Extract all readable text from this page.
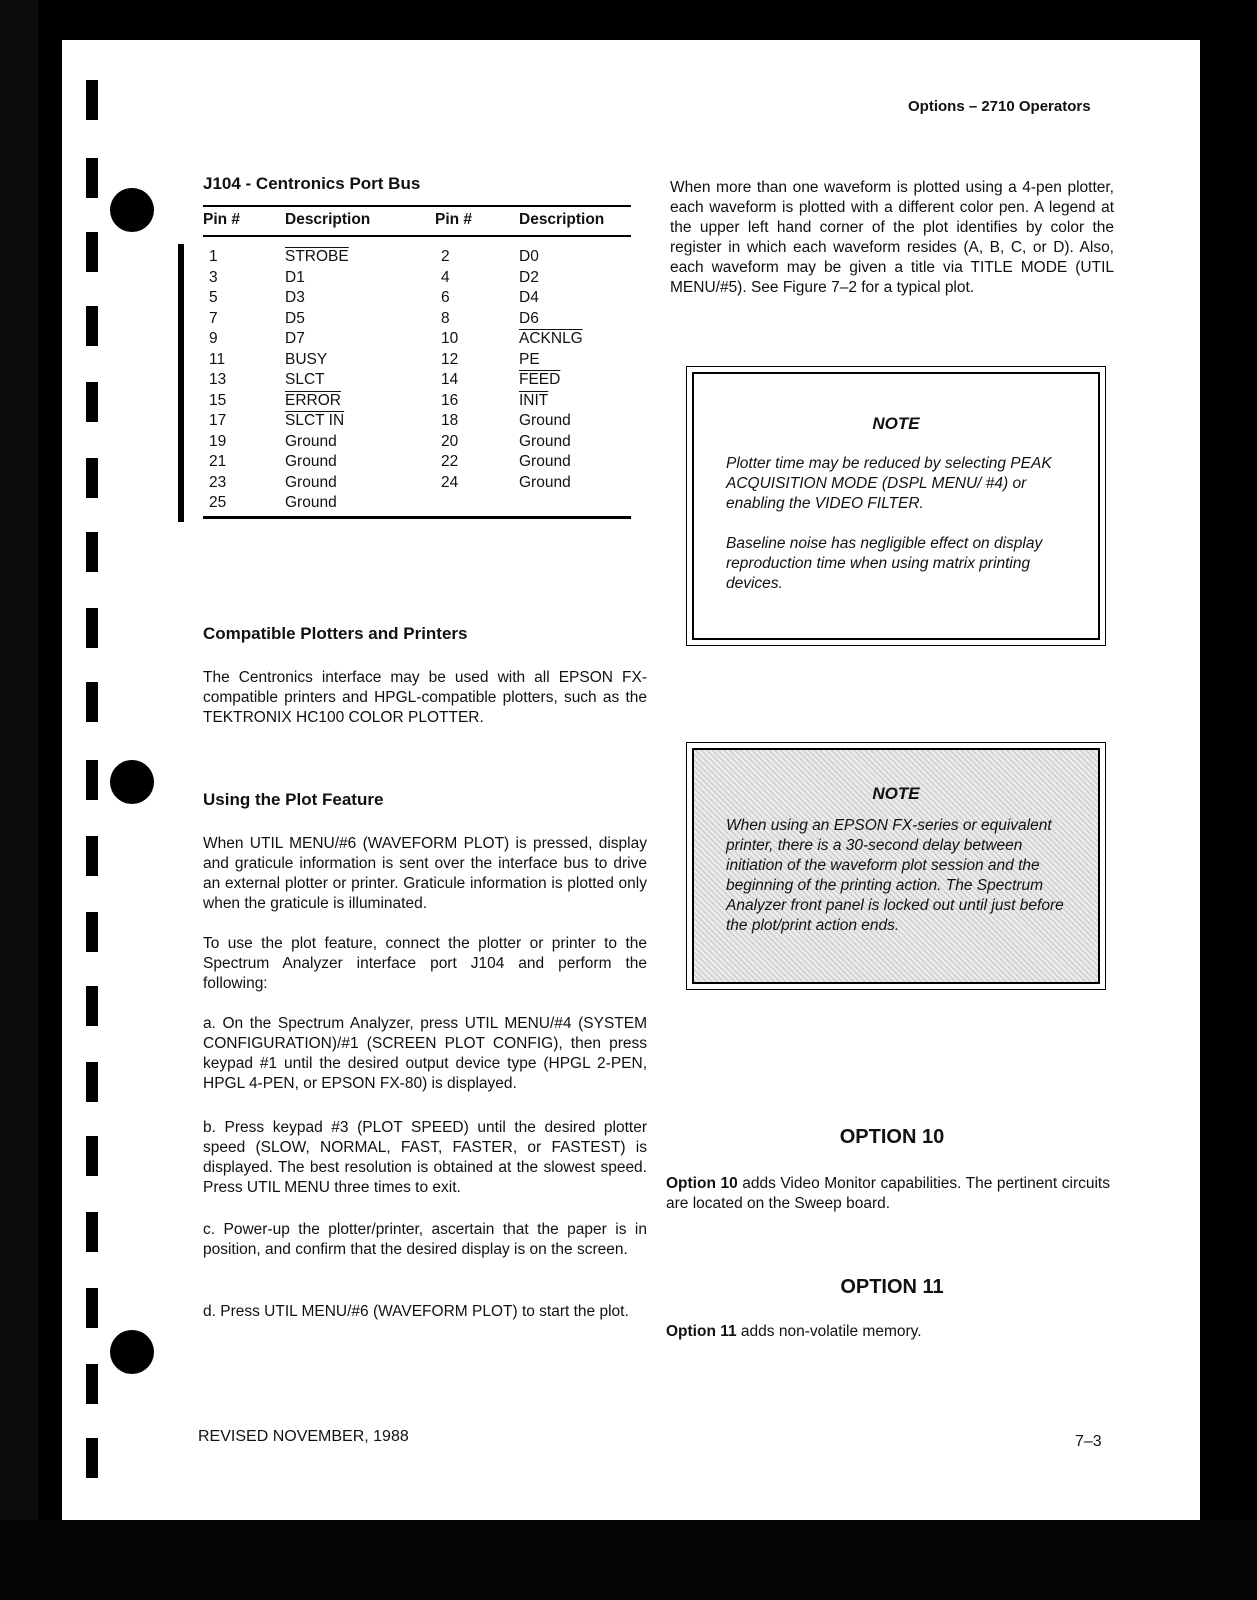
Options – 2710 Operators
J104 - Centronics Port Bus
Pin #	Description	Pin #	Description
1	STROBE	2	D0
3	D1	4	D2
5	D3	6	D4
7	D5	8	D6
9	D7	10	ACKNLG
11	BUSY	12	PE
13	SLCT	14	FEED
15	ERROR	16	INIT
17	SLCT IN	18	Ground
19	Ground	20	Ground
21	Ground	22	Ground
23	Ground	24	Ground
25	Ground
When more than one waveform is plotted using a 4-pen plotter, each waveform is plotted with a different color pen. A legend at the upper left hand corner of the plot identifies by color the register in which each waveform resides (A, B, C, or D). Also, each waveform may be given a title via TITLE MODE (UTIL MENU/#5). See Figure 7–2 for a typical plot.
NOTE
Plotter time may be reduced by selecting PEAK ACQUISITION MODE (DSPL MENU/ #4) or enabling the VIDEO FILTER.
Baseline noise has negligible effect on display reproduction time when using matrix printing devices.
Compatible Plotters and Printers
The Centronics interface may be used with all EPSON FX-compatible printers and HPGL-compatible plotters, such as the TEKTRONIX HC100 COLOR PLOTTER.
NOTE
When using an EPSON FX-series or equivalent printer, there is a 30-second delay between initiation of the waveform plot session and the beginning of the printing action. The Spectrum Analyzer front panel is locked out until just before the plot/print action ends.
Using the Plot Feature
When UTIL MENU/#6 (WAVEFORM PLOT) is pressed, display and graticule information is sent over the interface bus to drive an external plotter or printer. Graticule information is plotted only when the graticule is illuminated.
To use the plot feature, connect the plotter or printer to the Spectrum Analyzer interface port J104 and perform the following:
a. On the Spectrum Analyzer, press UTIL MENU/#4 (SYSTEM CONFIGURATION)/#1 (SCREEN PLOT CONFIG), then press keypad #1 until the desired output device type (HPGL 2-PEN, HPGL 4-PEN, or EPSON FX-80) is displayed.
b. Press keypad #3 (PLOT SPEED) until the desired plotter speed (SLOW, NORMAL, FAST, FASTER, or FASTEST) is displayed. The best resolution is obtained at the slowest speed. Press UTIL MENU three times to exit.
c. Power-up the plotter/printer, ascertain that the paper is in position, and confirm that the desired display is on the screen.
d. Press UTIL MENU/#6 (WAVEFORM PLOT) to start the plot.
OPTION 10
Option 10 adds Video Monitor capabilities. The pertinent circuits are located on the Sweep board.
OPTION 11
Option 11 adds non-volatile memory.
REVISED NOVEMBER, 1988	7–3
